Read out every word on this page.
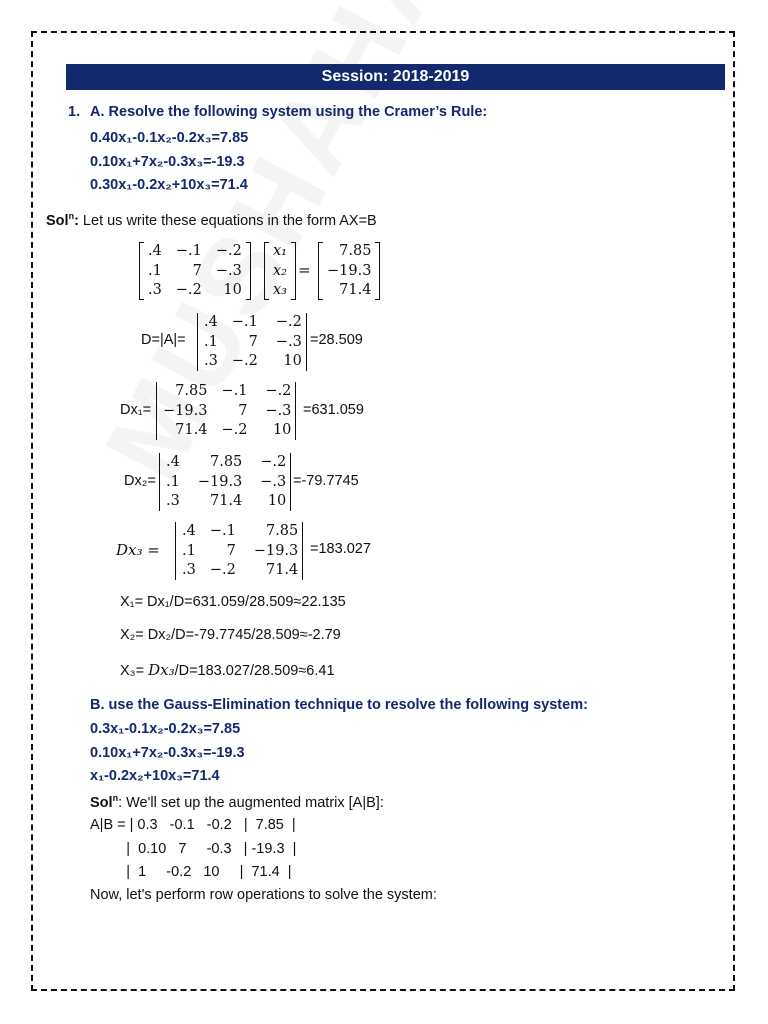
Session: 2018-2019
1. A. Resolve the following system using the Cramer’s Rule:
0.40x₁-0.1x₂-0.2x₃=7.85
0.10x₁+7x₂-0.3x₃=-19.3
0.30x₁-0.2x₂+10x₃=71.4
Sol$^n$: Let us write these equations in the form AX=B
.4
.1
.3
−.1
7
−.2
−.2
−.3
10
x₁
x₂
x₃
=
7.85
−19.3
71.4
D=|A|=
.4
.1
.3
−.1
7
−.2
−.2
−.3
10
=28.509
Dx₁=
7.85
−19.3
71.4
−.1
7
−.2
−.2
−.3
10
=631.059
Dx₂=
.4
.1
.3
7.85
−19.3
71.4
−.2
−.3
10
=-79.7745
Dx₃ =
.4
.1
.3
−.1
7
−.2
7.85
−19.3
71.4
=183.027
X₁= Dx₁/D=631.059/28.509≈22.135
X₂= Dx₂/D=-79.7745/28.509≈-2.79
X₃= Dx₃/D=183.027/28.509≈6.41
B. use the Gauss-Elimination technique to resolve the following system:
0.3x₁-0.1x₂-0.2x₃=7.85
0.10x₁+7x₂-0.3x₃=-19.3
x₁-0.2x₂+10x₃=71.4
Sol$^n$: We'll set up the augmented matrix [A|B]:
A|B = | 0.3   -0.1   -0.2   |  7.85  |
|  0.10   7     -0.3   | -19.3  |
|  1     -0.2   10     |  71.4  |
Now, let's perform row operations to solve the system:
